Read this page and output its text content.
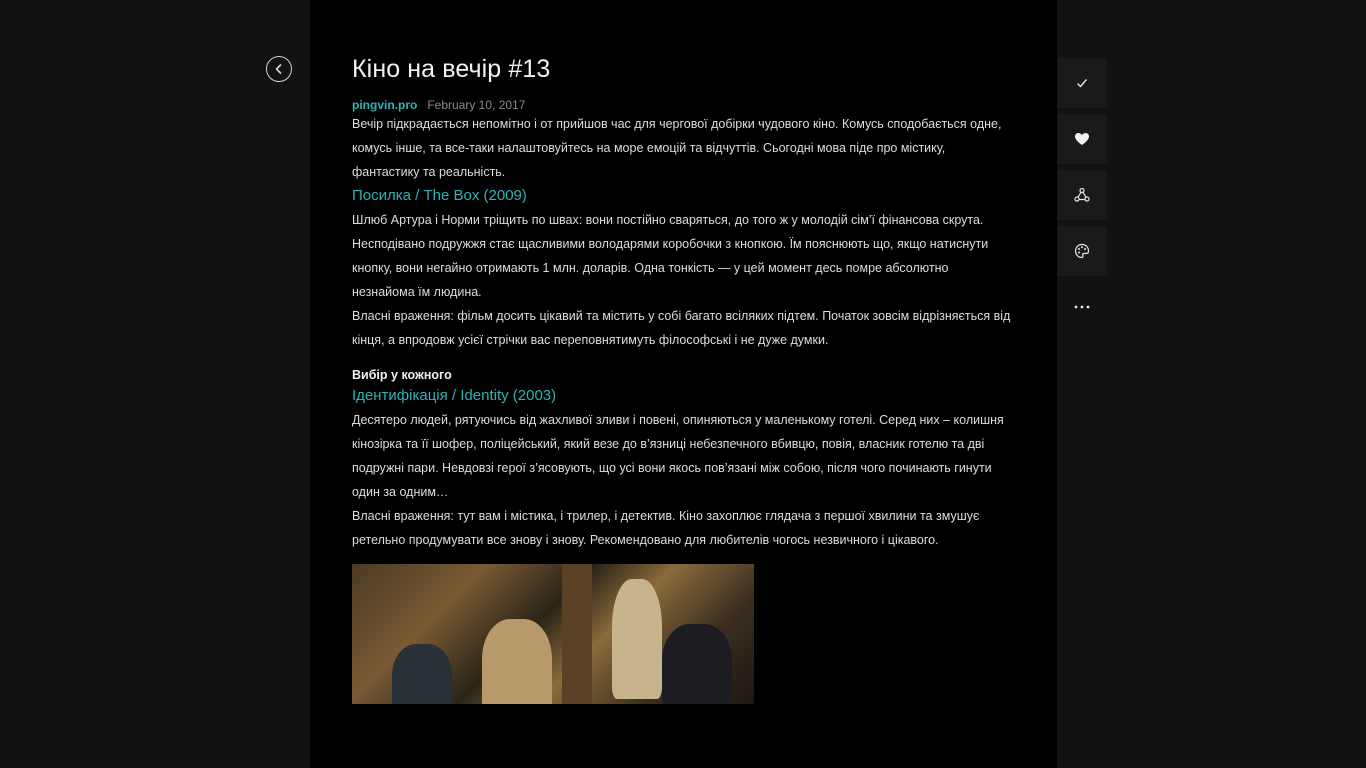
Кіно на вечір #13
pingvin.pro February 10, 2017

Вечір підкрадається непомітно і от прийшов час для чергової добірки чудового кіно. Комусь сподобається одне, комусь інше, та все-таки налаштовуйтесь на море емоцій та відчуттів. Сьогодні мова піде про містику, фантастику та реальність.

Посилка / The Box (2009)

Шлюб Артура і Норми тріщить по швах: вони постійно сваряться, до того ж у молодій сім’ї фінансова скрута. Несподівано подружжя стає щасливими володарями коробочки з кнопкою. Їм пояснюють що, якщо натиснути кнопку, вони негайно отримають 1 млн. доларів. Одна тонкість — у цей момент десь помре абсолютно незнайома їм людина.

Власні враження: фільм досить цікавий та містить у собі багато всіляких підтем. Початок зовсім відрізняється від кінця, а впродовж усієї стрічки вас переповнятимуть філософські і не дуже думки.

Вибір у кожного
Ідентифікація / Identity (2003)

Десятеро людей, рятуючись від жахливої зливи і повені, опиняються у маленькому готелі. Серед них – колишня кінозірка та її шофер, поліцейський, який везе до в’язниці небезпечного вбивцю, повія, власник готелю та дві подружні пари. Невдовзі герої з’ясовують, що усі вони якось пов’язані між собою, після чого починають гинути один за одним…

Власні враження: тут вам і містика, і трилер, і детектив. Кіно захоплює глядача з першої хвилини та змушує ретельно продумувати все знову і знову. Рекомендовано для любителів чогось незвичного і цікавого.
